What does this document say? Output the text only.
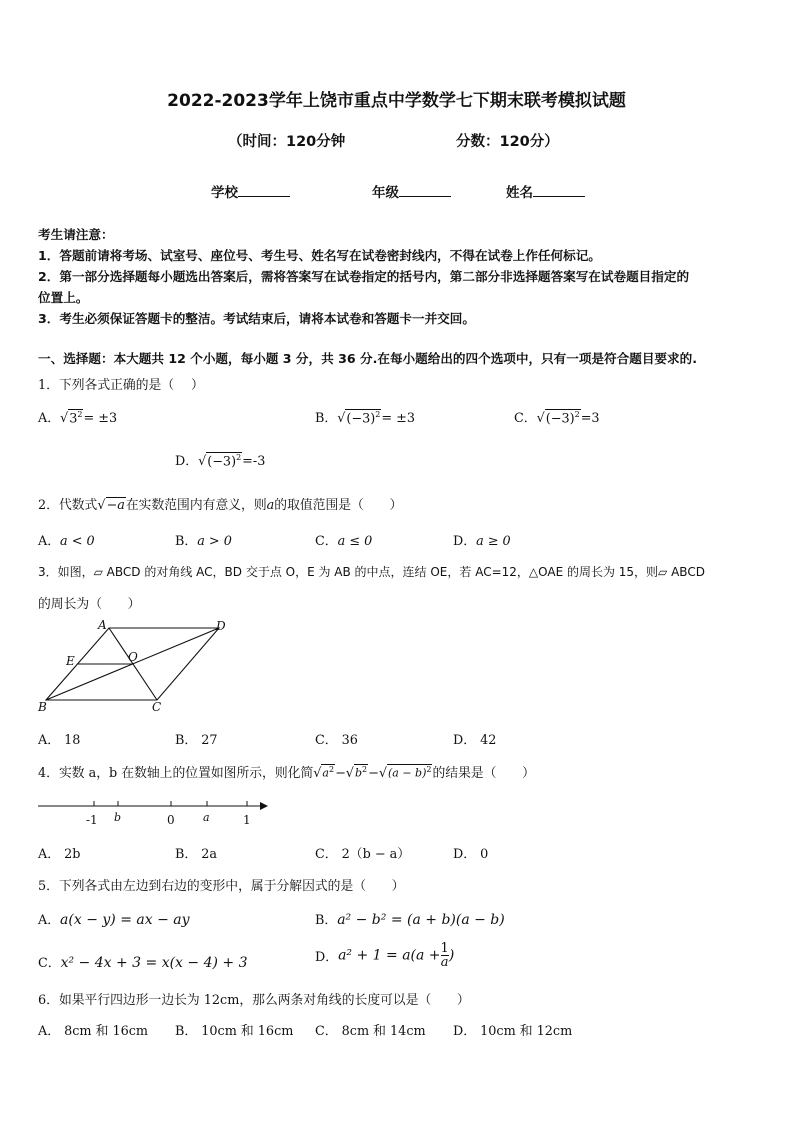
2022-2023学年上饶市重点中学数学七下期末联考模拟试题
（时间：120分钟	分数：120分）
学校	年级	姓名
考生请注意：
1．答题前请将考场、试室号、座位号、考生号、姓名写在试卷密封线内，不得在试卷上作任何标记。
2．第一部分选择题每小题选出答案后，需将答案写在试卷指定的括号内，第二部分非选择题答案写在试卷题目指定的
位置上。
3．考生必须保证答题卡的整洁。考试结束后，请将本试卷和答题卡一并交回。
一、选择题：本大题共 12 个小题，每小题 3 分，共 36 分.在每小题给出的四个选项中，只有一项是符合题目要求的.
1．下列各式正确的是（　 ）
A．$√3^2= \pm 3$	B．$√(-3)^2= \pm 3$	C．$√(-3)^2=3$
D．$√(-3)^2=-3$
2．代数式√−a在实数范围内有意义，则a的取值范围是（　　）
A．a < 0	B．a > 0	C．a ≤ 0	D．a ≥ 0
3．如图，▱ ABCD 的对角线 AC，BD 交于点 O，E 为 AB 的中点，连结 OE，若 AC=12，△OAE 的周长为 15，则▱ ABCD
的周长为（　　）
A	D
E	O
B	C
A． 18	B． 27	C． 36	D． 42
4．实数 a，b 在数轴上的位置如图所示，则化简$√a^2-√b^2-√(a - b)^2$的结果是（　　）
-1 b	0	a	1
A． 2b	B． 2a	C． 2（b − a）	D． 0
5．下列各式由左边到右边的变形中，属于分解因式的是（　　）
A．a(x − y) = ax − ay	B．a² − b² = (a + b)(a − b)
C．x² − 4x + 3 = x(x − 4) + 3	D．$a^2 + 1 = a(a + \frac{1}{a}$ )
6．如果平行四边形一边长为 12cm，那么两条对角线的长度可以是（　　）
A． 8cm 和 16cm B． 10cm 和 16cm C． 8cm 和 14cm D． 10cm 和 12cm
